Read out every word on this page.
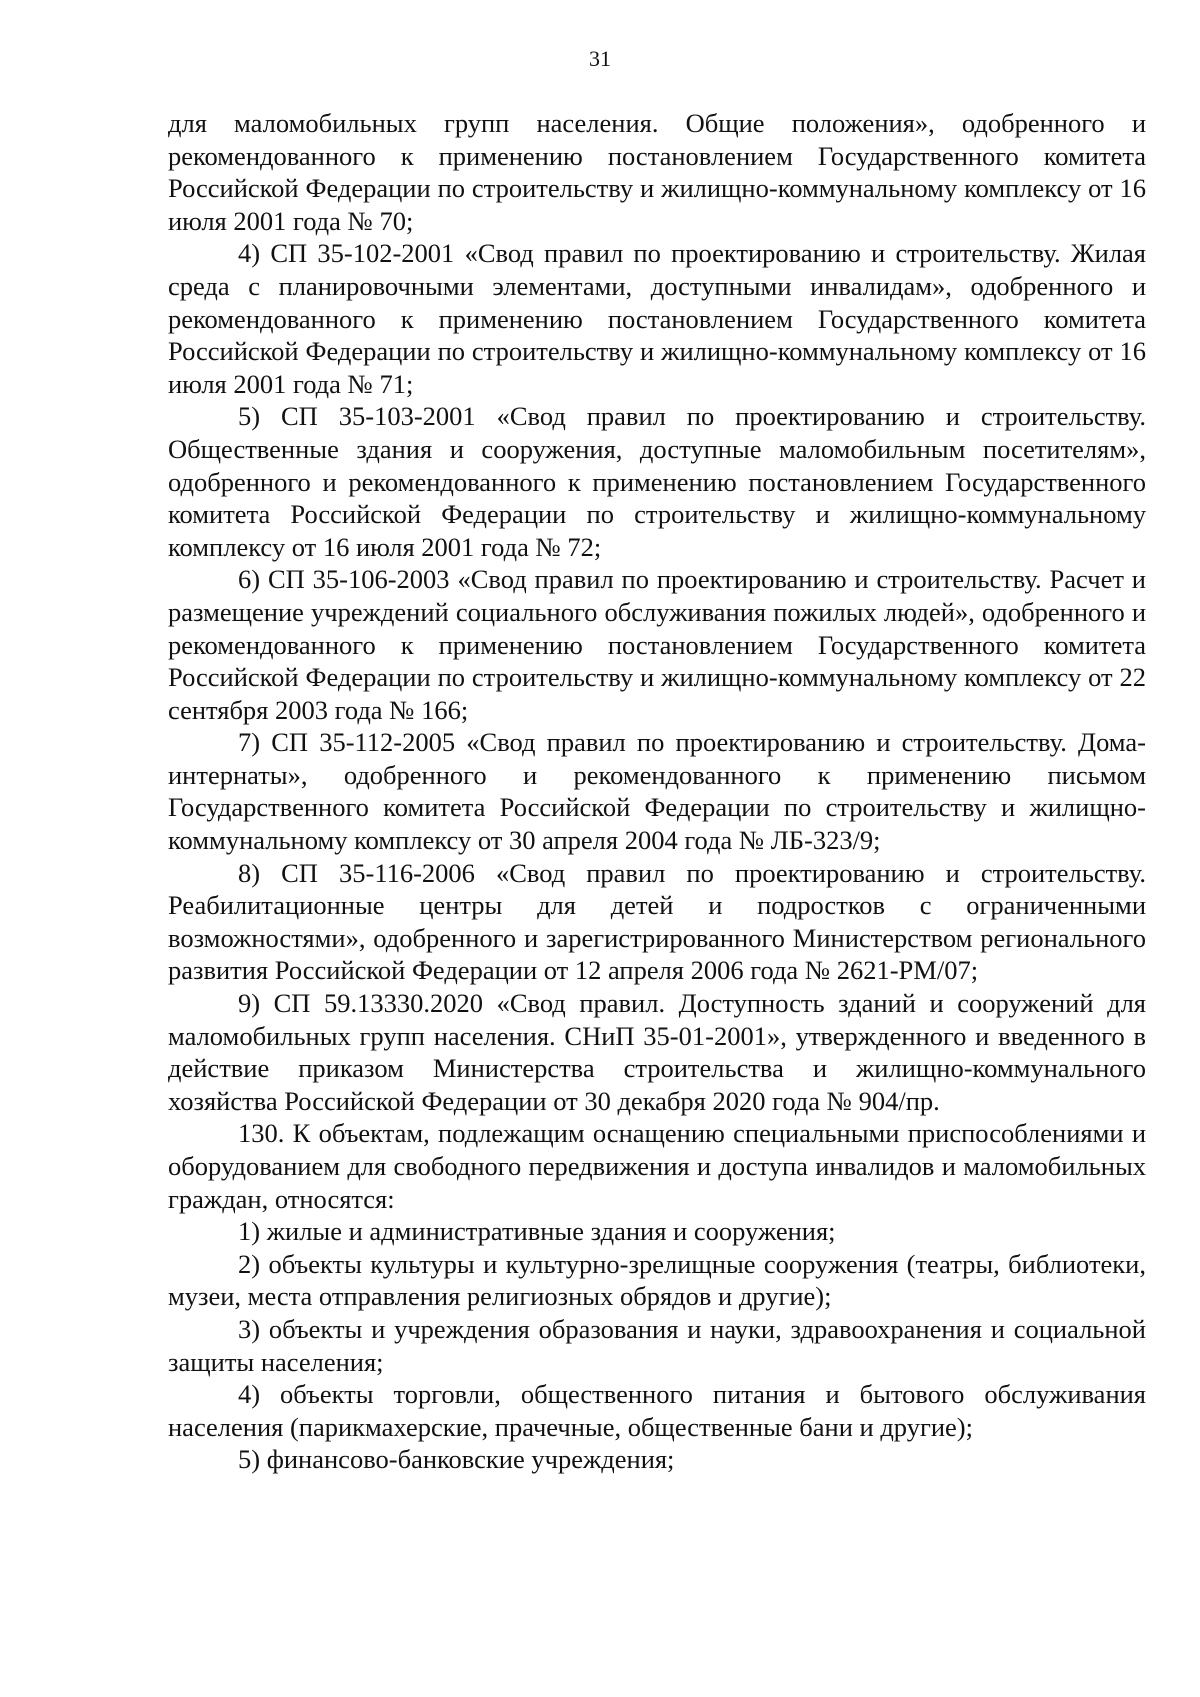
31

для маломобильных групп населения. Общие положения», одобренного и рекомендованного к применению постановлением Государственного комитета Российской Федерации по строительству и жилищно-коммунальному комплексу от 16 июля 2001 года № 70;

4) СП 35-102-2001 «Свод правил по проектированию и строительству. Жилая среда с планировочными элементами, доступными инвалидам», одобренного и рекомендованного к применению постановлением Государственного комитета Российской Федерации по строительству и жилищно-коммунальному комплексу от 16 июля 2001 года № 71;

5) СП 35-103-2001 «Свод правил по проектированию и строительству. Общественные здания и сооружения, доступные маломобильным посетителям», одобренного и рекомендованного к применению постановлением Государственного комитета Российской Федерации по строительству и жилищно-коммунальному комплексу от 16 июля 2001 года № 72;

6) СП 35-106-2003 «Свод правил по проектированию и строительству. Расчет и размещение учреждений социального обслуживания пожилых людей», одобренного и рекомендованного к применению постановлением Государственного комитета Российской Федерации по строительству и жилищно-коммунальному комплексу от 22 сентября 2003 года № 166;

7) СП 35-112-2005 «Свод правил по проектированию и строительству. Дома-интернаты», одобренного и рекомендованного к применению письмом Государственного комитета Российской Федерации по строительству и жилищно-коммунальному комплексу от 30 апреля 2004 года № ЛБ-323/9;

8) СП 35-116-2006 «Свод правил по проектированию и строительству. Реабилитационные центры для детей и подростков с ограниченными возможностями», одобренного и зарегистрированного Министерством регионального развития Российской Федерации от 12 апреля 2006 года № 2621-РМ/07;

9) СП 59.13330.2020 «Свод правил. Доступность зданий и сооружений для маломобильных групп населения. СНиП 35-01-2001», утвержденного и введенного в действие приказом Министерства строительства и жилищно-коммунального хозяйства Российской Федерации от 30 декабря 2020 года № 904/пр.

130. К объектам, подлежащим оснащению специальными приспособлениями и оборудованием для свободного передвижения и доступа инвалидов и маломобильных граждан, относятся:

1) жилые и административные здания и сооружения;

2) объекты культуры и культурно-зрелищные сооружения (театры, библиотеки, музеи, места отправления религиозных обрядов и другие);

3) объекты и учреждения образования и науки, здравоохранения и социальной защиты населения;

4) объекты торговли, общественного питания и бытового обслуживания населения (парикмахерские, прачечные, общественные бани и другие);

5) финансово-банковские учреждения;
